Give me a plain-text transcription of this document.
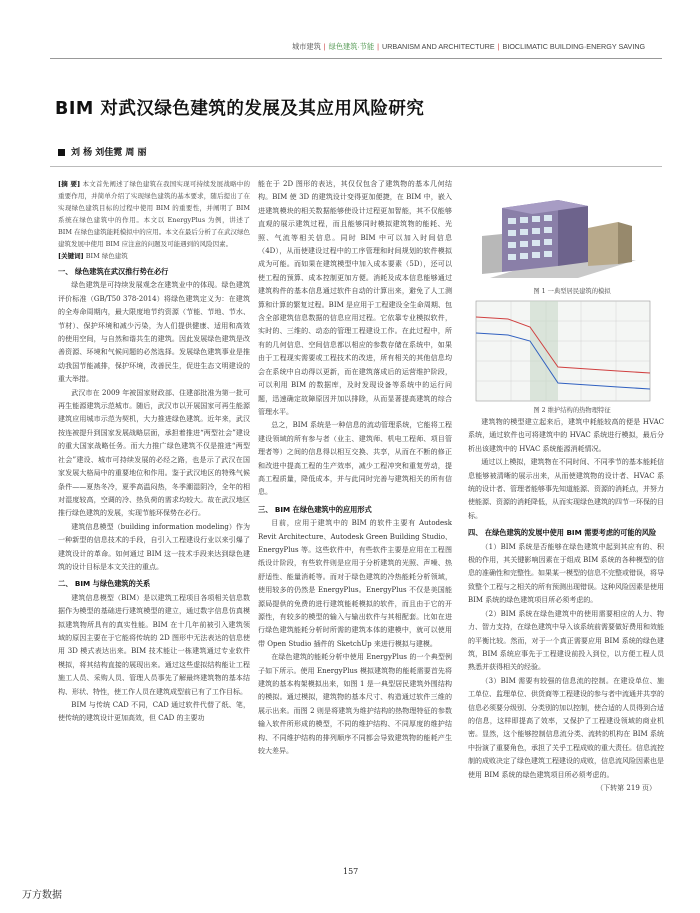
城市建筑 | 绿色建筑·节能 | URBANISM AND ARCHITECTURE | BIOCLIMATIC BUILDING·ENERGY SAVING
BIM 对武汉绿色建筑的发展及其应用风险研究
刘 杨 刘佳霓 周 丽

[摘 要] 本文首先阐述了绿色建筑在我国实现可持续发展战略中的重要作用，并简单介绍了实现绿色建筑的基本要求，随后提出了在实现绿色建筑目标的过程中使用 BIM 的重要性，并阐明了 BIM 系统在绿色建筑中的作用。本文以 EnergyPlus 为例，讲述了 BIM 在绿色建筑能耗模拟中的应用。本文在最后分析了在武汉绿色建筑发展中使用 BIM 应注意的问题及可能遇到的风险因素。

[关键词] BIM 绿色建筑

一、 绿色建筑在武汉推行势在必行

绿色建筑是可持续发展观念在建筑业中的体现。绿色建筑评价标准（GB/T50 378-2014）将绿色建筑定义为：在建筑的全寿命周期内，最大限度地节约资源（节能、节地、节水、节材）、保护环境和减少污染，为人们提供健康、适用和高效的使用空间，与自然和谐共生的建筑。因此发展绿色建筑是改善资源、环境和气候问题的必然选择。发展绿色建筑事业是推动我国节能减排，保护环境，改善民生，促进生态文明建设的重大举措。

武汉市在 2009 年被国家财政部、住建部批准为第一批可再生能源建筑示范城市。随后，武汉市以开展国家可再生能源建筑应用城市示范为契机，大力推进绿色建筑。近年来，武汉按连被提升到国家发展战略层面，承担着推进“两型社会”建设的重大国家战略任务。而大力推广绿色建筑不仅是推进“两型社会”建设、城市可持续发展的必经之路，也是示了武汉在国家发展大格局中的重要地位和作用。鉴于武汉地区的特殊气候条件——夏热冬冷，夏季高温闷热，冬季潮湿阴冷，全年的相对湿度较高，空调的冷、热负荷的需求均较大。故在武汉地区推行绿色建筑的发展，实现节能环保势在必行。

建筑信息模型（building information modeling）作为一种新型的信息技术的手段，自引入工程建设行业以来引爆了建筑设计的革命。如何通过 BIM 这一技术手段来达到绿色建筑的设计目标是本文关注的重点。

二、 BIM 与绿色建筑的关系

建筑信息模型（BIM）是以建筑工程项目各项相关信息数据作为模型的基础进行建筑模型的建立，通过数字信息仿真模拟建筑物所具有的真实性能。BIM 在十几年前被引入建筑领域的原因主要在于它能将传统的 2D 图形中无法表达的信息使用 3D 模式表达出来。BIM 技术能让一栋建筑通过专业软件模拟，将其结构直接的展现出来。通过这些虚拟结构能让工程施工人员、采购人员、管理人员事先了解最终建筑物的基本结构、形状、特性，使工作人员在建筑成型前已有了工作目标。

BIM 与传统 CAD 不同，CAD 通过软件代替了纸、笔，使传统的建筑设计更加高效，但 CAD 的主要功

能在于 2D 图形的表达，其仅仅包含了建筑物的基本几何结构。BIM 使 3D 的建筑设计变得更加便捷，在 BIM 中，嵌入进建筑模块的相关数据能够使设计过程更加智能，其不仅能够直观的展示建筑过程，而且能够同时模拟建筑物的能耗、光照、气流等相关信息。同时 BIM 中可以加入时间信息（4D），从而使建设过程中的工序管理和时间规划的软件模拟成为可能。而如果在建筑模型中加入成本要素（5D），还可以使工程的预算、成本控制更加方便。消耗及成本信息能够通过建筑构件的基本信息通过软件自动的计算出来，避免了人工测算和计算的繁复过程。BIM 是应用于工程建设全生命周期、包含全部建筑信息数据的信息应用过程。它依靠专业模拟软件，实时的、三维的、动态的管理工程建设工作。在此过程中，所有的几何信息、空间信息都以相应的参数存储在系统中，如果由于工程现实需要或工程技术的改进，所有相关的其他信息均会在系统中自动得以更新，而在建筑落成后的运营维护阶段，可以利用 BIM 的数据库，及时发现设备等系统中的运行问题，迅速确定故障原因并加以排除，从而显著提高建筑的综合管理水平。

总之，BIM 系统是一种信息的流动管理系统，它能将工程建设领域的所有参与者（业主、建筑师、机电工程师、项目管理者等）之间的信息得以相互交换、共享，从而在不断的修正和改进中提高工程的生产效率，减少工程冲突和重复劳动，提高工程质量，降低成本，并与此同时完善与建筑相关的所有信息。

三、 BIM 在绿色建筑中的应用形式

目前，应用于建筑中的 BIM 的软件主要有 Autodesk Revit Architecture、Autodesk Green Building Studio、EnergyPlus 等。这些软件中，有些软件主要是应用在工程图纸设计阶段，有些软件则是应用于分析建筑的光照、声噪、热舒适性、能量消耗等。而对于绿色建筑的冷热能耗分析领域，使用较多的仍然是 EnergyPlus。EnergyPlus 不仅是美国能源局提供的免费的进行建筑能耗模拟的软件，而且由于它的开源性，有较多的模型的输入与输出软件与其相配套。比如在进行绿色建筑能耗分析时所需的建筑本体的建模中，就可以使用带 Open Studio 插件的 SketchUp 来进行模拟与建模。

在绿色建筑的能耗分析中使用 EnergyPlus 的一个典型例子如下所示。使用 EnergyPlus 模拟建筑物的能耗需要首先将建筑的基本构架模拟出来，如图 1 是一典型居民建筑外围结构的模拟。通过模拟，建筑物的基本尺寸、构造通过软件三维的展示出来。而图 2 则是将建筑为维护结构的热物理特征的参数输入软件所形成的模型，不同的维护结构、不同厚度的维护结构、不同维护结构的排列顺序不同都会导致建筑物的能耗产生较大差异。

图 1 一典型居民建筑的模拟

图 2 维护结构的热物理特征

建筑物的模型建立起来后，建筑中耗能较高的便是 HVAC 系统，通过软件也可将建筑中的 HVAC 系统进行模拟，最后分析出该建筑中的 HVAC 系统能源消耗情况。

通过以上模拟，建筑物在不同时间、不同季节的基本能耗信息能够被清晰的展示出来，从而使建筑物的设计者、HVAC 系统的设计者、管理者能够事先知道能源、资源的消耗点，并努力使能源、资源的消耗降低，从而实现绿色建筑的四节一环保的目标。

四、 在绿色建筑的发展中使用 BIM 需要考虑的可能的风险

（1）BIM 系统是否能够在绿色建筑中起到其应有的、积极的作用，其关键影响因素在于组成 BIM 系统的各种模型的信息的准确性和完整性。如果某一模型的信息不完整或错误，将导致整个工程与之相关的所有预测出现错误。这种风险因素是使用 BIM 系统的绿色建筑项目所必须考虑的。

（2）BIM 系统在绿色建筑中的使用需要相应的人力、物力、智力支持，在绿色建筑中导入该系统前需要做好费用和效能的平衡比较。然而，对于一个真正需要应用 BIM 系统的绿色建筑，BIM 系统应事先于工程建设前投入到位，以方便工程人员熟悉并获得相关的经验。

（3）BIM 需要有较强的信息流的控制。在建设单位、施工单位、监理单位、供货商等工程建设的参与者中流通并共享的信息必须要分级别、分类别的加以控制，使合适的人员得到合适的信息，这样即提高了效率，又保护了工程建设领域的商业机密。显然，这个能够控制信息流分类、流转的机构在 BIM 系统中扮演了重要角色，承担了关乎工程成败的重大责任。信息流控制的成败决定了绿色建筑工程建设的成败，信息流风险因素也是使用 BIM 系统的绿色建筑项目所必须考虑的。

（下转第 219 页）

157
万方数据
